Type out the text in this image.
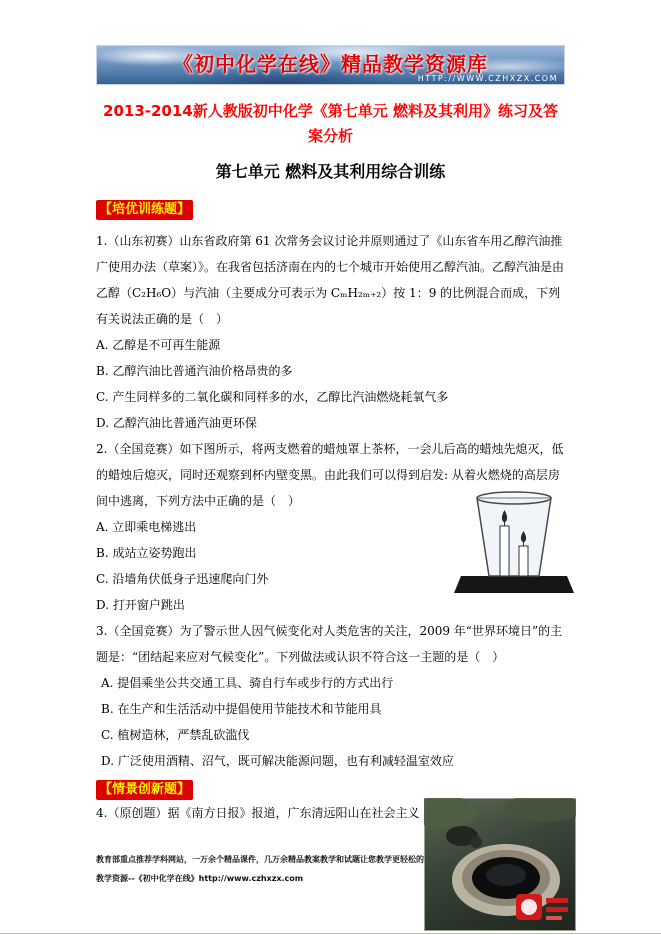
《初中化学在线》精品教学资源库
HTTP://WWW.CZHXZX.COM
2013-2014新人教版初中化学《第七单元 燃料及其利用》练习及答案分析
第七单元 燃料及其利用综合训练
【培优训练题】

1.（山东初赛）山东省政府第 61 次常务会议讨论并原则通过了《山东省车用乙醇汽油推广使用办法（草案）》。在我省包括济南在内的七个城市开始使用乙醇汽油。乙醇汽油是由乙醇（C₂H₆O）与汽油（主要成分可表示为 CₘH₂ₘ₊₂）按 1：9 的比例混合而成，下列有关说法正确的是（　）

A. 乙醇是不可再生能源

B. 乙醇汽油比普通汽油价格昂贵的多

C. 产生同样多的二氧化碳和同样多的水，乙醇比汽油燃烧耗氧气多

D. 乙醇汽油比普通汽油更环保

2.（全国竞赛）如下图所示，将两支燃着的蜡烛罩上茶杯，一会儿后高的蜡烛先熄灭，低的蜡烛后熄灭，同时还观察到杯内壁变黑。由此我们可以得到启发: 从着火燃烧的高层房间中逃离，下列方法中正确的是（　）

A. 立即乘电梯逃出

B. 成站立姿势跑出

C. 沿墙角伏低身子迅速爬向门外

D. 打开窗户跳出

3.（全国竞赛）为了警示世人因气候变化对人类危害的关注，2009 年“世界环境日”的主题是：“团结起来应对气候变化”。下列做法或认识不符合这一主题的是（　）

A. 提倡乘坐公共交通工具、骑自行车或步行的方式出行

B. 在生产和生活活动中提倡使用节能技术和节能用具

C. 植树造林，严禁乱砍滥伐

D. 广泛使用酒精、沼气，既可解决能源问题，也有利减轻温室效应

【情景创新题】

4.（原创题）据《南方日报》报道，广东清远阳山在社会主义

教育部重点推荐学科网站，一万余个精品课件，几万余精品教案教学和试题让您教学更轻松的
教学资源--《初中化学在线》http://www.czhxzx.com
